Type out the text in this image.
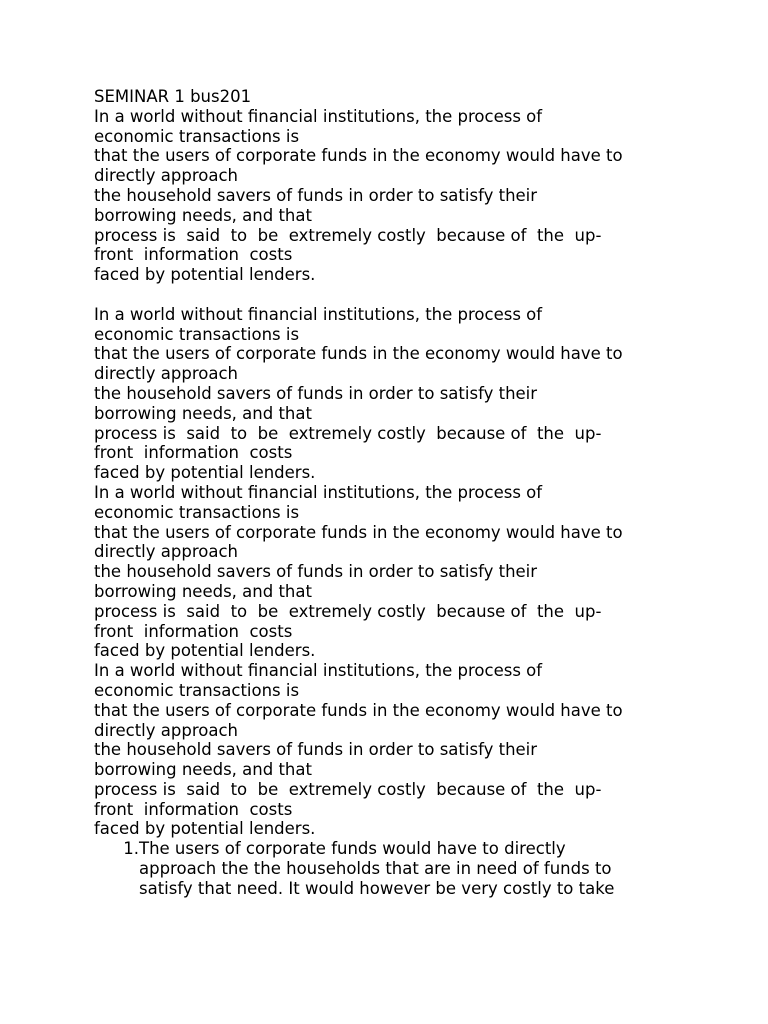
SEMINAR 1 bus201
In a world without financial institutions, the process of
economic transactions is
that the users of corporate funds in the economy would have to
directly approach
the household savers of funds in order to satisfy their
borrowing needs, and that
process is  said  to  be  extremely costly  because of  the  up-
front  information  costs
faced by potential lenders.
In a world without financial institutions, the process of
economic transactions is
that the users of corporate funds in the economy would have to
directly approach
the household savers of funds in order to satisfy their
borrowing needs, and that
process is  said  to  be  extremely costly  because of  the  up-
front  information  costs
faced by potential lenders.
In a world without financial institutions, the process of
economic transactions is
that the users of corporate funds in the economy would have to
directly approach
the household savers of funds in order to satisfy their
borrowing needs, and that
process is  said  to  be  extremely costly  because of  the  up-
front  information  costs
faced by potential lenders.
In a world without financial institutions, the process of
economic transactions is
that the users of corporate funds in the economy would have to
directly approach
the household savers of funds in order to satisfy their
borrowing needs, and that
process is  said  to  be  extremely costly  because of  the  up-
front  information  costs
faced by potential lenders.
1. The users of corporate funds would have to directly
approach the the households that are in need of funds to
satisfy that need. It would however be very costly to take
